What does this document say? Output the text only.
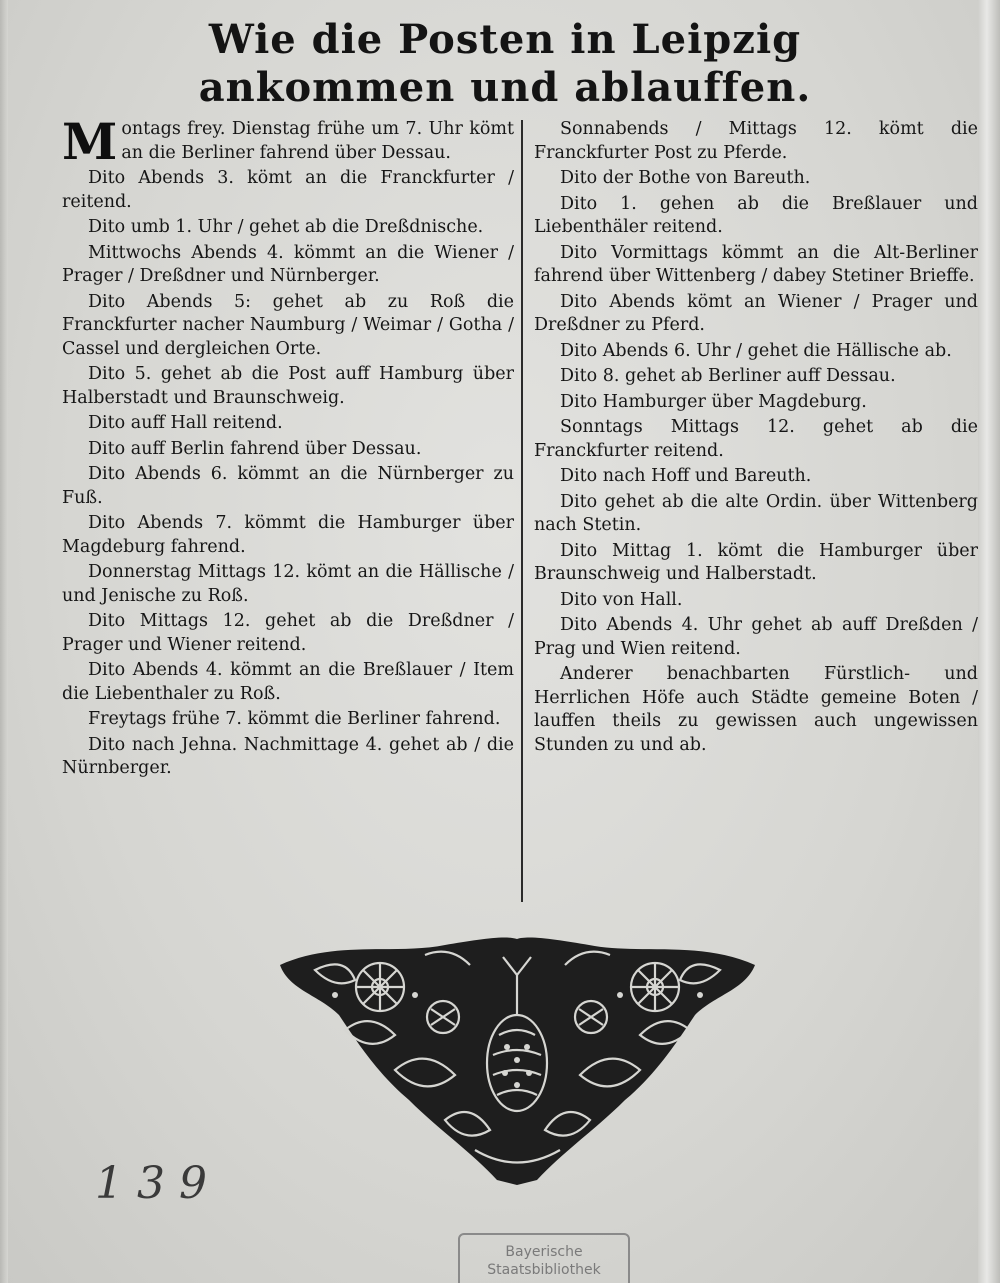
Wie die Posten in Leipzig ankommen und ablauffen.

Montags frey. Dienstag frühe um 7. Uhr kömt an die Berliner fahrend über Dessau.

Dito Abends 3. kömt an die Franckfurter / reitend.

Dito umb 1. Uhr / gehet ab die Dreßdnische.

Mittwochs Abends 4. kömmt an die Wiener / Prager / Dreßdner und Nürnberger.

Dito Abends 5: gehet ab zu Roß die Franckfurter nacher Naumburg / Weimar / Gotha / Cassel und dergleichen Orte.

Dito 5. gehet ab die Post auff Hamburg über Halberstadt und Braunschweig.

Dito auff Hall reitend.

Dito auff Berlin fahrend über Dessau.

Dito Abends 6. kömmt an die Nürnberger zu Fuß.

Dito Abends 7. kömmt die Hamburger über Magdeburg fahrend.

Donnerstag Mittags 12. kömt an die Hällische / und Jenische zu Roß.

Dito Mittags 12. gehet ab die Dreßdner / Prager und Wiener reitend.

Dito Abends 4. kömmt an die Breßlauer / Item die Liebenthaler zu Roß.

Freytags frühe 7. kömmt die Berliner fahrend.

Dito nach Jehna. Nachmittage 4. gehet ab / die Nürnberger.

Sonnabends / Mittags 12. kömt die Franckfurter Post zu Pferde.

Dito der Bothe von Bareuth.

Dito 1. gehen ab die Breßlauer und Liebenthäler reitend.

Dito Vormittags kömmt an die Alt-Berliner fahrend über Wittenberg / dabey Stetiner Brieffe.

Dito Abends kömt an Wiener / Prager und Dreßdner zu Pferd.

Dito Abends 6. Uhr / gehet die Hällische ab.

Dito 8. gehet ab Berliner auff Dessau.

Dito Hamburger über Magdeburg.

Sonntags Mittags 12. gehet ab die Franckfurter reitend.

Dito nach Hoff und Bareuth.

Dito gehet ab die alte Ordin. über Wittenberg nach Stetin.

Dito Mittag 1. kömt die Hamburger über Braunschweig und Halberstadt.

Dito von Hall.

Dito Abends 4. Uhr gehet ab auff Dreßden / Prag und Wien reitend.

Anderer benachbarten Fürstlich- und Herrlichen Höfe auch Städte gemeine Boten / lauffen theils zu gewissen auch ungewissen Stunden zu und ab.

139
Bayerische
Staatsbibliothek
